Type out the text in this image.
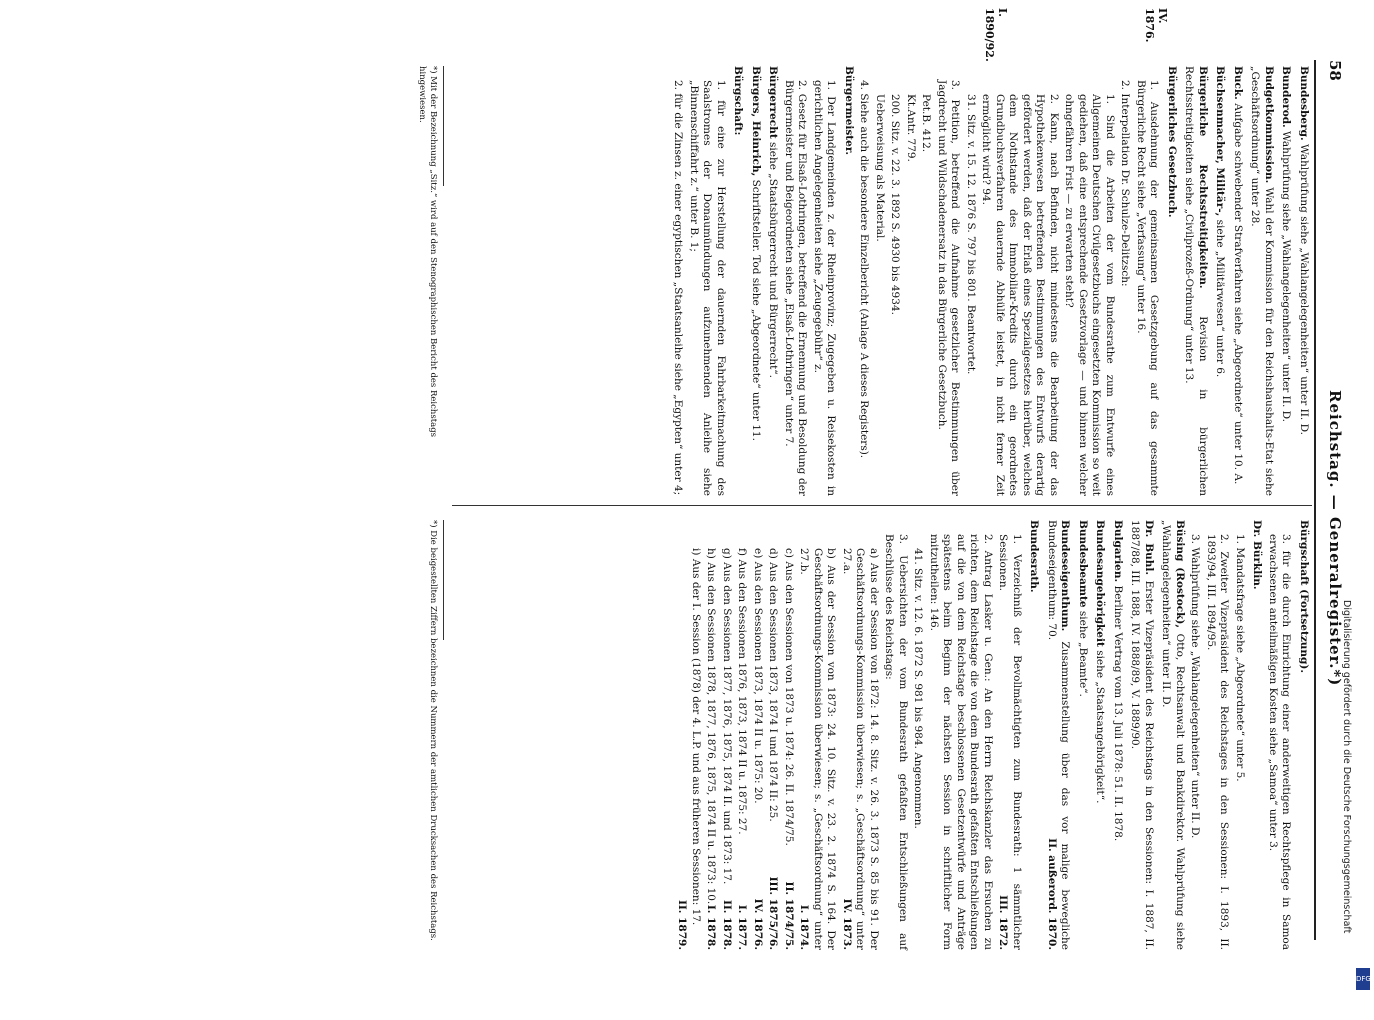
58
Reichstag. — Generalregister.*)
Bundesberg. Wahlprüfung siehe „Wahlangelegenheiten“ unter II. D.
Bunderod. Wahlprüfung siehe „Wahlangelegenheiten“ unter II. D.
Budgetkommission. Wahl der Kommission für den Reichshaushalts-Etat siehe „Geschäftsordnung“ unter 28.
Buck. Aufgabe schwebender Strafverfahren siehe „Abgeordnete“ unter 10. A.
Büchsenmacher, Militär-, siehe „Militärwesen“ unter 6.
Bürgerliche Rechtsstreitigkeiten. Revision in bürgerlichen Rechtsstreitigkeiten siehe „Civilprozeß-Ordnung“ unter 13.
Bürgerliches Gesetzbuch.
1. Ausdehnung der gemeinsamen Gesetzgebung auf das gesammte Bürgerliche Recht siehe „Verfassung“ unter 16.
2. Interpellation Dr. Schulze-Delitzsch:
1. Sind die Arbeiten der vom Bundesrathe zum Entwurfe eines Allgemeinen Deutschen Civilgesetzbuchs eingesetzten Kommission so weit gediehen, daß eine entsprechende Gesetzvorlage — und binnen welcher ohngefähren Frist — zu erwarten steht?
2. Kann, nach Befinden, nicht mindestens die Bearbeitung der das Hypothekenwesen betreffenden Bestimmungen des Entwurfs derartig gefördert werden, daß der Erlaß eines Spezialgesetzes hierüber, welches dem Nothstande des Immobiliar-Kredits durch ein geordnetes Grundbuchsverfahren dauernde Abhülfe leistet, in nicht ferner Zeit ermöglicht wird? 94.
31. Sitz. v. 15. 12. 1876 S. 797 bis 801. Beantwortet.
3. Petition, betreffend die Aufnahme gesetzlicher Bestimmungen über Jagdrecht und Wildschadenersatz in das Bürgerliche Gesetzbuch.
Pet.B. 412.
Kt.Antr. 779.
200. Sitz. v. 22. 3. 1892 S. 4930 bis 4934.
Ueberweisung als Material.
4. Siehe auch die besondere Einzelbericht (Anlage A dieses Registers).
Bürgermeister.
1. Der Landgemeinden z. der Rheinprovinz; Zugegeben u. Reisekosten in gerichtlichen Angelegenheiten siehe „Zeugegebühr“ z.
2. Gesetz für Elsaß-Lothringen, betreffend die Ernennung und Besoldung der Bürgermeister und Beigeordneten siehe „Elsaß-Lothringen“ unter 7.
Bürgerrecht siehe „Staatsbürgerrecht und Bürgerrecht“.
Bürgers, Heinrich, Schriftsteller. Tod siehe „Abgeordnete“ unter 11.
Bürgschaft:
1. für eine zur Herstellung der dauernden Fahrbarkeitmachung des Saalstromes der Donaumündungen aufzunehmenden Anleihe siehe „Binnenschiffahrt z.“ unter B. 1;
2. für die Zinsen z. einer egyptischen „Staatsanleihe siehe „Egypten“ unter 4;
Bürgschaft (Fortsetzung).
3. für die durch Einrichtung einer anderweitigen Rechtspflege in Samoa erwachsenen anteilmäßigen Kosten siehe „Samoa“ unter 3.
Dr. Bürklin.
1. Mandatsfrage siehe „Abgeordnete“ unter 5.
2. Zweiter Vizepräsident des Reichstages in den Sessionen: I. 1893, II. 1893/94, III. 1894/95.
3. Wahlprüfung siehe „Wahlangelegenheiten“ unter II. D.
Büsing (Rostock), Otto, Rechtsanwalt und Bankdirektor. Wahlprüfung siehe „Wahlangelegenheiten“ unter II. D.
Dr. Buhl. Erster Vizepräsident des Reichstags in den Sessionen: I. 1887, II. 1887/88, III. 1888, IV. 1888/89, V. 1889/90.
Bulgarien. Berliner Vertrag vom 13. Juli 1878: 51. II. 1878.
Bundesangehörigkeit siehe „Staatsangehörigkeit“.
Bundesbeamte siehe „Beamte“.
Bundeseigenthum. Zusammenstellung über das vor malige bewegliche Bundeseigenthum: 70.
II. außerord. 1870.
Bundesrath.
1. Verzeichniß der Bevollmächtigten zum Bundesrath: 1 sämmtlicher Sessionen.
III. 1872.
2. Antrag Lasker u. Gen.: An den Herrn Reichskanzler das Ersuchen zu richten, dem Reichstage die von dem Bundesrath gefaßten Entschließungen auf die von dem Reichstage beschlossenen Gesetzentwürfe und Anträge spätestens beim Beginn der nächsten Session in schriftlicher Form mitzutheilen: 146.
41. Sitz. v. 12. 6. 1872 S. 981 bis 984. Angenommen.
3. Uebersichten der vom Bundesrath gefaßten Entschließungen auf Beschlüsse des Reichstags:
a) Aus der Session von 1872: 14. 8. Sitz. v. 26. 3. 1873 S. 85 bis 91. Der Geschäftsordnungs-Kommission überwiesen; s. „Geschäftsordnung“ unter 27.a.
IV. 1873.
b) Aus der Session von 1873: 24. 10. Sitz. v. 23. 2. 1874 S. 164. Der Geschäftsordnungs-Kommission überwiesen; s. „Geschäftsordnung“ unter 27.b.
I. 1874.
c) Aus den Sessionen von 1873 u. 1874: 26. II. 1874/75.
II. 1874/75.
d) Aus den Sessionen 1873, 1874 I und 1874 II: 25.
III. 1875/76.
e) Aus den Sessionen 1873, 1874 II u. 1875: 20.
IV. 1876.
f) Aus den Sessionen 1876, 1873, 1874 II u. 1875: 27.
I. 1877.
g) Aus den Sessionen 1877, 1876, 1875, 1874 II. und 1873: 17.
II. 1878.
h) Aus den Sessionen 1878, 1877, 1876, 1875, 1874 II u. 1873: 10.
I. 1878.
i) Aus der I. Session (1878) der 4. L.P. und aus früheren Sessionen: 17.
II. 1879.
*) Mit der Bezeichnung „Sitz.“ wird auf den Stenographischen Bericht des Reichstags hingewiesen.
*) Die beigestellten Ziffern bezeichnen die Nummern der amtlichen Drucksachen des Reichstags.
IV. 1876.
I. 1890/92.
Digitalisierung gefördert durch die Deutsche Forschungsgemeinschaft
DFG
